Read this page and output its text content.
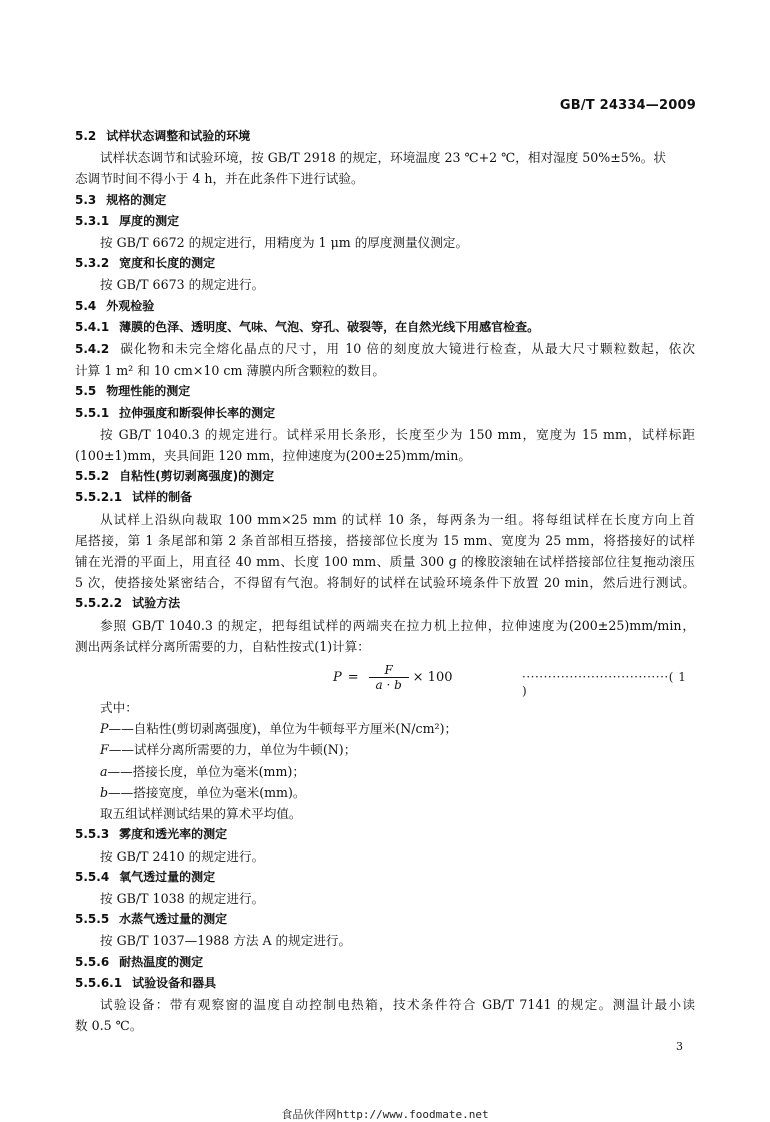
GB/T 24334—2009
5.2 试样状态调整和试验的环境
试样状态调节和试验环境，按 GB/T 2918 的规定，环境温度 23 ℃+2 ℃，相对湿度 50%±5%。状
态调节时间不得小于 4 h，并在此条件下进行试验。
5.3 规格的测定
5.3.1 厚度的测定
按 GB/T 6672 的规定进行，用精度为 1 μm 的厚度测量仪测定。
5.3.2 宽度和长度的测定
按 GB/T 6673 的规定进行。
5.4 外观检验
5.4.1 薄膜的色泽、透明度、气味、气泡、穿孔、破裂等，在自然光线下用感官检查。
5.4.2 碳化物和未完全熔化晶点的尺寸，用 10 倍的刻度放大镜进行检查，从最大尺寸颗粒数起，依次
计算 1 m² 和 10 cm×10 cm 薄膜内所含颗粒的数目。
5.5 物理性能的测定
5.5.1 拉伸强度和断裂伸长率的测定
按 GB/T 1040.3 的规定进行。试样采用长条形，长度至少为 150 mm，宽度为 15 mm，试样标距
(100±1)mm，夹具间距 120 mm，拉伸速度为(200±25)mm/min。
5.5.2 自粘性(剪切剥离强度)的测定
5.5.2.1 试样的制备
从试样上沿纵向裁取 100 mm×25 mm 的试样 10 条，每两条为一组。将每组试样在长度方向上首
尾搭接，第 1 条尾部和第 2 条首部相互搭接，搭接部位长度为 15 mm、宽度为 25 mm，将搭接好的试样
铺在光滑的平面上，用直径 40 mm、长度 100 mm、质量 300 g 的橡胶滚轴在试样搭接部位往复拖动滚压
5 次，使搭接处紧密结合，不得留有气泡。将制好的试样在试验环境条件下放置 20 min，然后进行测试。
5.5.2.2 试验方法
参照 GB/T 1040.3 的规定，把每组试样的两端夹在拉力机上拉伸，拉伸速度为(200±25)mm/min，
测出两条试样分离所需要的力，自粘性按式(1)计算：
$P = \frac{F}{a \cdot b} \times 100$	··································( 1 )
式中：
P——自粘性(剪切剥离强度)，单位为牛顿每平方厘米(N/cm²)；
F——试样分离所需要的力，单位为牛顿(N)；
a——搭接长度，单位为毫米(mm)；
b——搭接宽度，单位为毫米(mm)。
取五组试样测试结果的算术平均值。
5.5.3 雾度和透光率的测定
按 GB/T 2410 的规定进行。
5.5.4 氧气透过量的测定
按 GB/T 1038 的规定进行。
5.5.5 水蒸气透过量的测定
按 GB/T 1037—1988 方法 A 的规定进行。
5.5.6 耐热温度的测定
5.5.6.1 试验设备和器具
试验设备：带有观察窗的温度自动控制电热箱，技术条件符合 GB/T 7141 的规定。测温计最小读
数 0.5 ℃。
3
食品伙伴网http://www.foodmate.net
